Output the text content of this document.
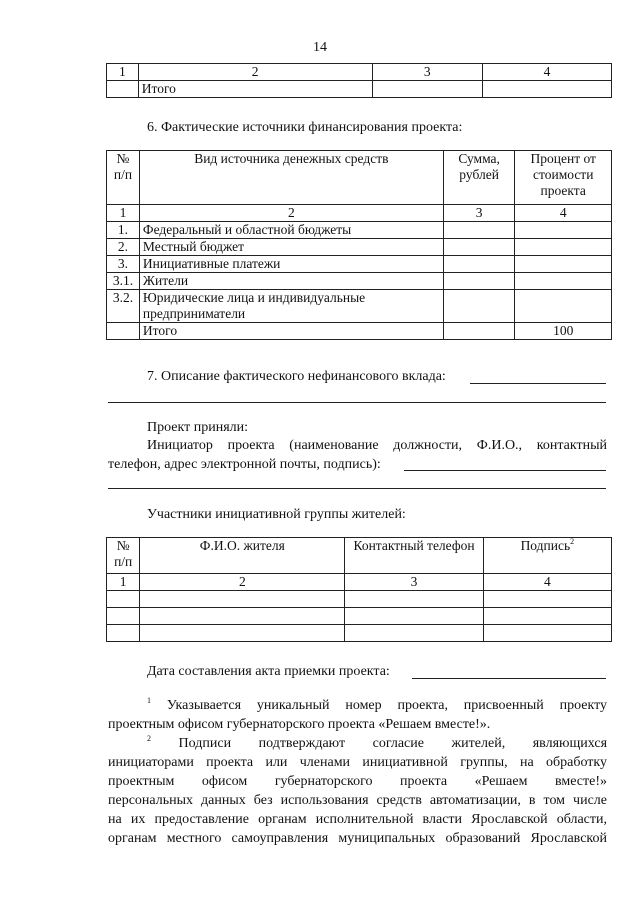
14
1	2	3	4
	Итого		
6. Фактические источники финансирования проекта:
№ п/п	Вид источника денежных средств	Сумма, рублей	Процент от стоимости проекта
1	2	3	4
1.	Федеральный и областной бюджеты		
2.	Местный бюджет		
3.	Инициативные платежи		
3.1.	Жители		
3.2.	Юридические лица и индивидуальные предприниматели		
	Итого		100
7. Описание фактического нефинансового вклада:
Проект приняли:
Инициатор проекта (наименование должности, Ф.И.О., контактный
телефон, адрес электронной почты, подпись):
Участники инициативной группы жителей:
№ п/п	Ф.И.О. жителя	Контактный телефон	Подпись$^2$
1	2	3	4

Дата составления акта приемки проекта:
$^1$ Указывается уникальный номер проекта, присвоенный проекту
проектным офисом губернаторского проекта «Решаем вместе!».
$^2$ Подписи подтверждают согласие жителей, являющихся
инициаторами проекта или членами инициативной группы, на обработку
проектным офисом губернаторского проекта «Решаем вместе!»
персональных данных без использования средств автоматизации, в том числе
на их предоставление органам исполнительной власти Ярославской области,
органам местного самоуправления муниципальных образований Ярославской
